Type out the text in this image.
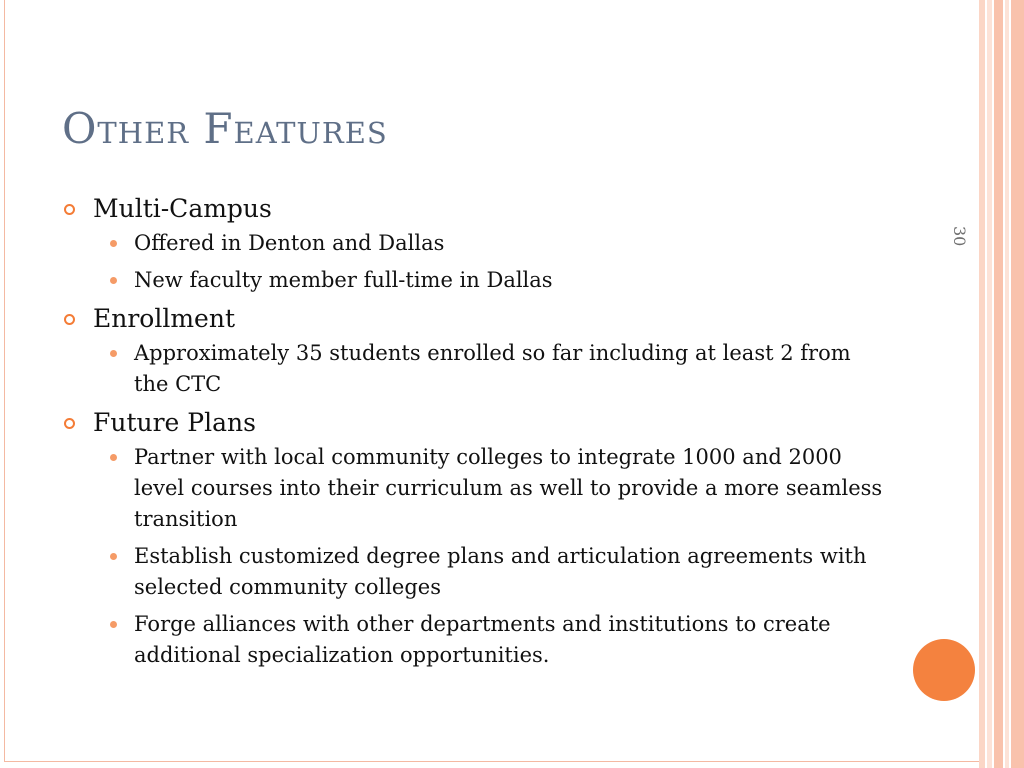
Other Features
30
Multi-Campus
Offered in Denton and Dallas
New faculty member full-time in Dallas
Enrollment
Approximately 35 students enrolled so far including at least 2 from the CTC
Future Plans
Partner with local community colleges to integrate 1000 and 2000 level courses into their curriculum as well to provide a more seamless transition
Establish customized degree plans and articulation agreements with selected community colleges
Forge alliances with other departments and institutions to create additional specialization opportunities.
